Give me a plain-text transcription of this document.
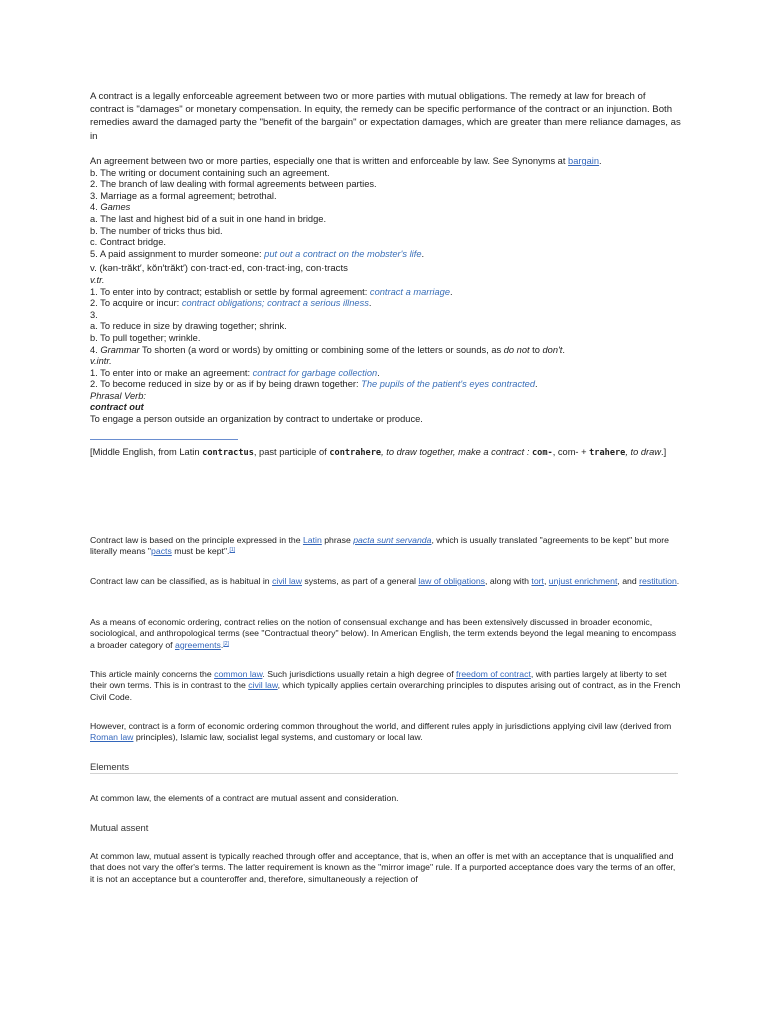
A contract is a legally enforceable agreement between two or more parties with mutual obligations. The remedy at law for breach of contract is "damages" or monetary compensation. In equity, the remedy can be specific performance of the contract or an injunction. Both remedies award the damaged party the "benefit of the bargain" or expectation damages, which are greater than mere reliance damages, as in

An agreement between two or more parties, especially one that is written and enforceable by law. See Synonyms at bargain.

b. The writing or document containing such an agreement.

2. The branch of law dealing with formal agreements between parties.

3. Marriage as a formal agreement; betrothal.

4. Games

a. The last and highest bid of a suit in one hand in bridge.

b. The number of tricks thus bid.

c. Contract bridge.

5. A paid assignment to murder someone: put out a contract on the mobster's life.

v. (kən-trăkt′, kŏn′trăkt′) con·tract·ed, con·tract·ing, con·tracts

v.tr.

1. To enter into by contract; establish or settle by formal agreement: contract a marriage.

2. To acquire or incur: contract obligations; contract a serious illness.

3.

a. To reduce in size by drawing together; shrink.

b. To pull together; wrinkle.

4. Grammar To shorten (a word or words) by omitting or combining some of the letters or sounds, as do not to don't.

v.intr.

1. To enter into or make an agreement: contract for garbage collection.

2. To become reduced in size by or as if by being drawn together: The pupils of the patient's eyes contracted.

Phrasal Verb:

contract out

To engage a person outside an organization by contract to undertake or produce.

[Middle English, from Latin contractus, past participle of contrahere, to draw together, make a contract : com-, com- + trahere, to draw.]

Contract law is based on the principle expressed in the Latin phrase pacta sunt servanda, which is usually translated "agreements to be kept" but more literally means "pacts must be kept".[1]

Contract law can be classified, as is habitual in civil law systems, as part of a general law of obligations, along with tort, unjust enrichment, and restitution.

As a means of economic ordering, contract relies on the notion of consensual exchange and has been extensively discussed in broader economic, sociological, and anthropological terms (see "Contractual theory" below). In American English, the term extends beyond the legal meaning to encompass a broader category of agreements.[2]

This article mainly concerns the common law. Such jurisdictions usually retain a high degree of freedom of contract, with parties largely at liberty to set their own terms. This is in contrast to the civil law, which typically applies certain overarching principles to disputes arising out of contract, as in the French Civil Code.

However, contract is a form of economic ordering common throughout the world, and different rules apply in jurisdictions applying civil law (derived from Roman law principles), Islamic law, socialist legal systems, and customary or local law.

Elements

At common law, the elements of a contract are mutual assent and consideration.

Mutual assent

At common law, mutual assent is typically reached through offer and acceptance, that is, when an offer is met with an acceptance that is unqualified and that does not vary the offer's terms. The latter requirement is known as the "mirror image" rule. If a purported acceptance does vary the terms of an offer, it is not an acceptance but a counteroffer and, therefore, simultaneously a rejection of
